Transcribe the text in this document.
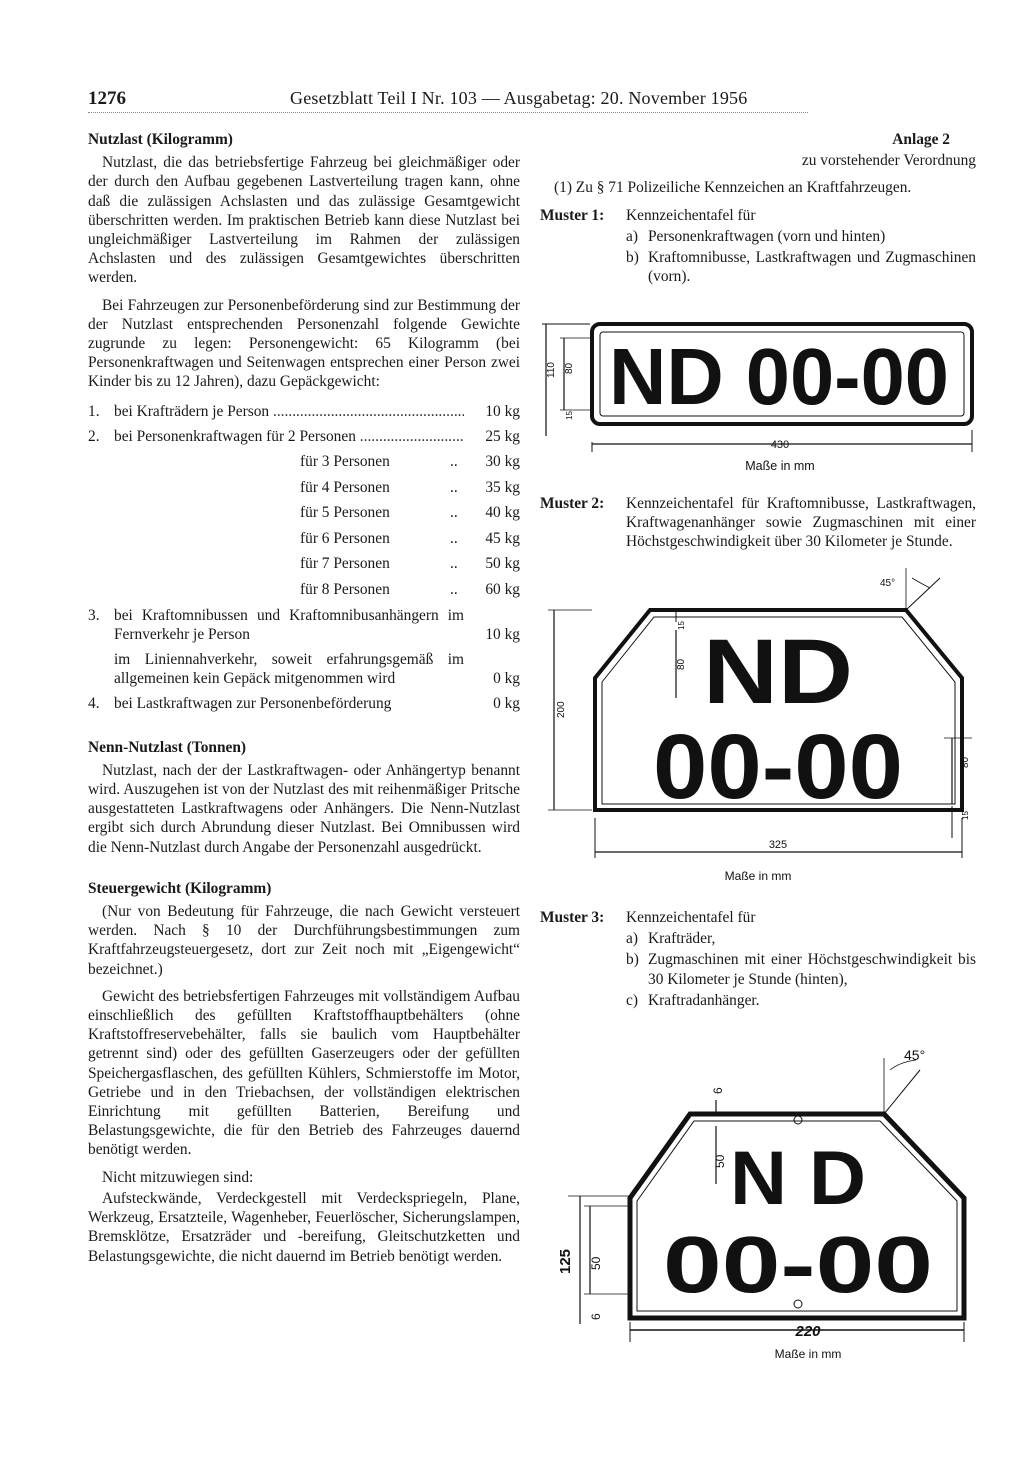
1276	Gesetzblatt Teil I Nr. 103 — Ausgabetag: 20. November 1956
Nutzlast (Kilogramm)

Nutzlast, die das betriebsfertige Fahrzeug bei gleichmäßiger oder der durch den Aufbau gegebenen Lastverteilung tragen kann, ohne daß die zulässigen Achslasten und das zulässige Gesamtgewicht überschritten werden. Im praktischen Betrieb kann diese Nutzlast bei ungleichmäßiger Lastverteilung im Rahmen der zulässigen Achslasten und des zulässigen Gesamtgewichtes überschritten werden.

Bei Fahrzeugen zur Personenbeförderung sind zur Bestimmung der der Nutzlast entsprechenden Personenzahl folgende Gewichte zugrunde zu legen: Personengewicht: 65 Kilogramm (bei Personenkraftwagen und Seitenwagen entsprechen einer Person zwei Kinder bis zu 12 Jahren), dazu Gepäckgewicht:

1. bei Krafträdern je Person .....	10 kg
2. bei Personenkraftwagen für 2 Personen .....	25 kg
für 3 Personen	..	30 kg
für 4 Personen	..	35 kg
für 5 Personen	..	40 kg
für 6 Personen	..	45 kg
für 7 Personen	..	50 kg
für 8 Personen	..	60 kg
3. bei Kraftomnibussen und Kraftomnibusanhängern im Fernverkehr je Person	10 kg
im Liniennahverkehr, soweit erfahrungsgemäß im allgemeinen kein Gepäck mitgenommen wird	0 kg
4. bei Lastkraftwagen zur Personenbeförderung	0 kg
Nenn-Nutzlast (Tonnen)

Nutzlast, nach der der Lastkraftwagen- oder Anhängertyp benannt wird. Auszugehen ist von der Nutzlast des mit reihenmäßiger Pritsche ausgestatteten Lastkraftwagens oder Anhängers. Die Nenn-Nutzlast ergibt sich durch Abrundung dieser Nutzlast. Bei Omnibussen wird die Nenn-Nutzlast durch Angabe der Personenzahl ausgedrückt.

Steuergewicht (Kilogramm)

(Nur von Bedeutung für Fahrzeuge, die nach Gewicht versteuert werden. Nach § 10 der Durchführungsbestimmungen zum Kraftfahrzeugsteuergesetz, dort zur Zeit noch mit „Eigengewicht“ bezeichnet.)

Gewicht des betriebsfertigen Fahrzeuges mit vollständigem Aufbau einschließlich des gefüllten Kraftstoffhauptbehälters (ohne Kraftstoffreservebehälter, falls sie baulich vom Hauptbehälter getrennt sind) oder des gefüllten Gaserzeugers oder der gefüllten Speichergasflaschen, des gefüllten Kühlers, Schmierstoffe im Motor, Getriebe und in den Triebachsen, der vollständigen elektrischen Einrichtung mit gefüllten Batterien, Bereifung und Belastungsgewichte, die für den Betrieb des Fahrzeuges dauernd benötigt werden.

Nicht mitzuwiegen sind:

Aufsteckwände, Verdeckgestell mit Verdeckspriegeln, Plane, Werkzeug, Ersatzteile, Wagenheber, Feuerlöscher, Sicherungslampen, Bremsklötze, Ersatzräder und -bereifung, Gleitschutzketten und Belastungsgewichte, die nicht dauernd im Betrieb benötigt werden.

Anlage 2
zu vorstehender Verordnung

(1) Zu § 71 Polizeiliche Kennzeichen an Kraftfahrzeugen.

Muster 1:	Kennzeichentafel für
a) Personenkraftwagen (vorn und hinten)
b) Kraftomnibusse, Lastkraftwagen und Zugmaschinen (vorn).
ND 00-00
110 80
15
430
Maße in mm
Muster 2:	Kennzeichentafel für Kraftomnibusse, Lastkraftwagen, Kraftwagenanhänger sowie Zugmaschinen mit einer Höchstgeschwindigkeit über 30 Kilometer je Stunde.
ND
00-00
200
80
15
80
15
325
45°
Maße in mm
Muster 3:	Kennzeichentafel für
a) Krafträder,
b) Zugmaschinen mit einer Höchstgeschwindigkeit bis 30 Kilometer je Stunde (hinten),
c) Kraftradanhänger.
N D
00-00
125 50
50
6
6
220
45°
Maße in mm
